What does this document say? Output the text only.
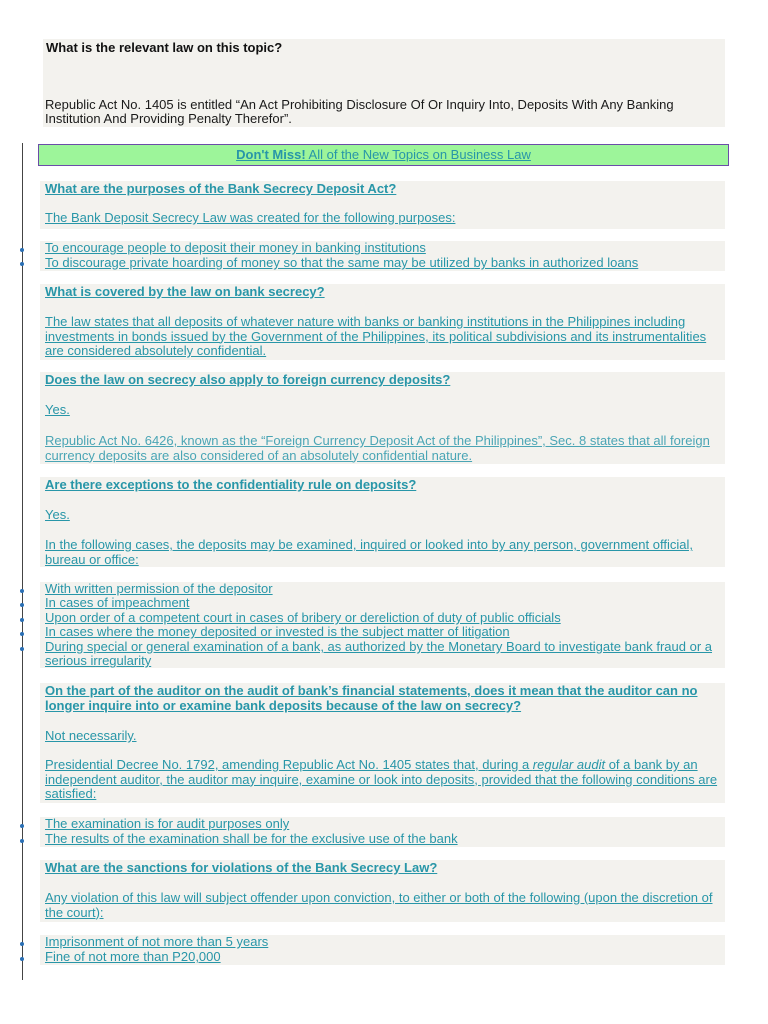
What is the relevant law on this topic?
Republic Act No. 1405 is entitled “An Act Prohibiting Disclosure Of Or Inquiry Into, Deposits With Any Banking Institution And Providing Penalty Therefor”.
Don't Miss! All of the New Topics on Business Law
What are the purposes of the Bank Secrecy Deposit Act?
The Bank Deposit Secrecy Law was created for the following purposes:
To encourage people to deposit their money in banking institutions
To discourage private hoarding of money so that the same may be utilized by banks in authorized loans
What is covered by the law on bank secrecy?
The law states that all deposits of whatever nature with banks or banking institutions in the Philippines including investments in bonds issued by the Government of the Philippines, its political subdivisions and its instrumentalities are considered absolutely confidential.
Does the law on secrecy also apply to foreign currency deposits?
Yes.
Republic Act No. 6426, known as the “Foreign Currency Deposit Act of the Philippines”, Sec. 8 states that all foreign currency deposits are also considered of an absolutely confidential nature.
Are there exceptions to the confidentiality rule on deposits?
Yes.
In the following cases, the deposits may be examined, inquired or looked into by any person, government official, bureau or office:
With written permission of the depositor
In cases of impeachment
Upon order of a competent court in cases of bribery or dereliction of duty of public officials
In cases where the money deposited or invested is the subject matter of litigation
During special or general examination of a bank, as authorized by the Monetary Board to investigate bank fraud or a serious irregularity
On the part of the auditor on the audit of bank’s financial statements, does it mean that the auditor can no longer inquire into or examine bank deposits because of the law on secrecy?
Not necessarily.
Presidential Decree No. 1792, amending Republic Act No. 1405 states that, during a regular audit of a bank by an independent auditor, the auditor may inquire, examine or look into deposits, provided that the following conditions are satisfied:
The examination is for audit purposes only
The results of the examination shall be for the exclusive use of the bank
What are the sanctions for violations of the Bank Secrecy Law?
Any violation of this law will subject offender upon conviction, to either or both of the following (upon the discretion of the court):
Imprisonment of not more than 5 years
Fine of not more than P20,000
